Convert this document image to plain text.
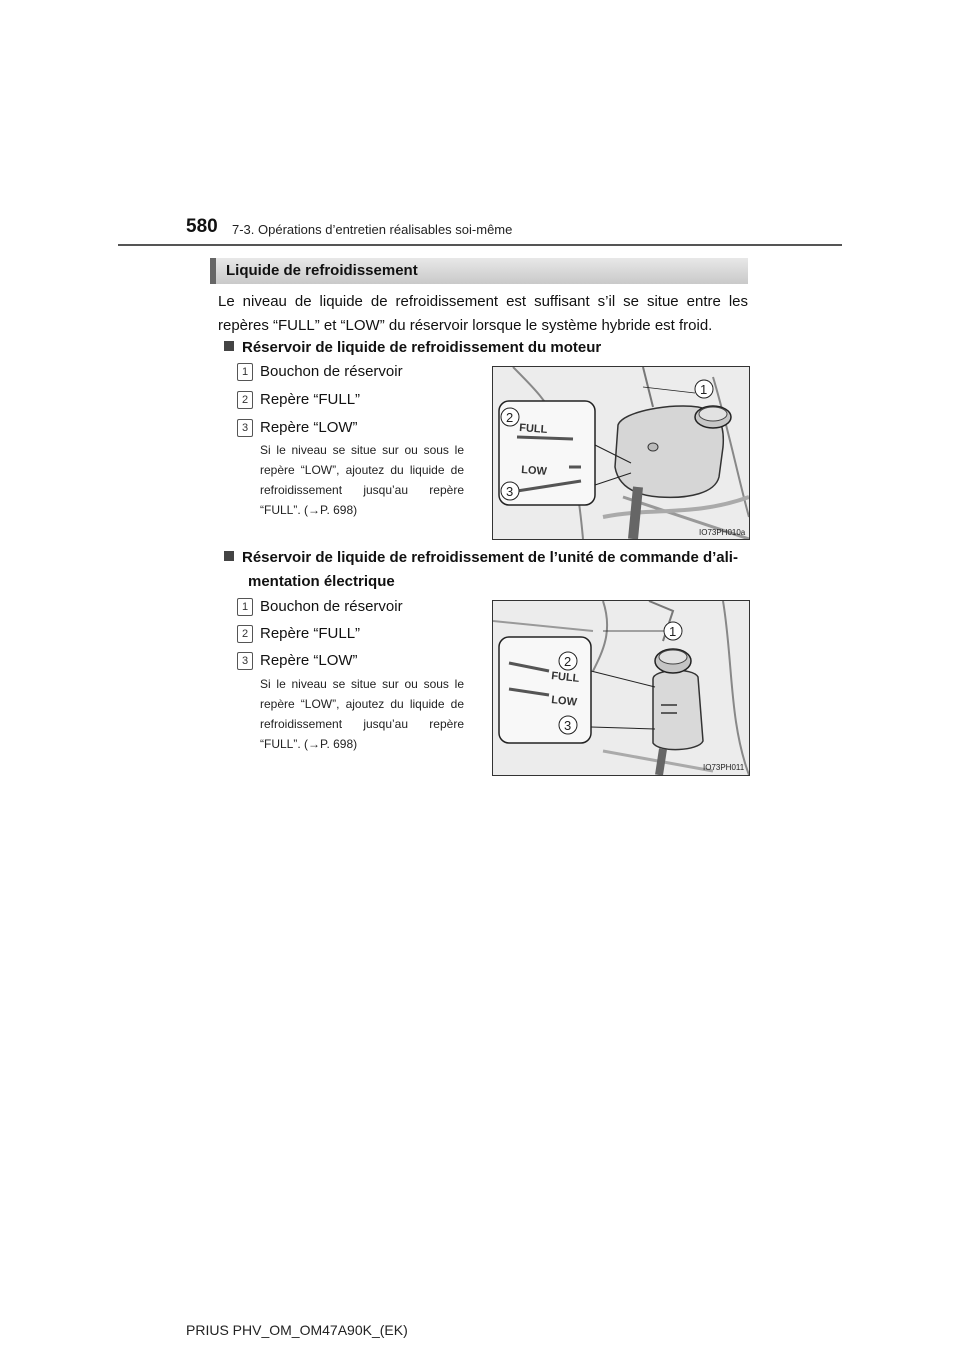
580 7-3. Opérations d’entretien réalisables soi-même
Liquide de refroidissement
Le niveau de liquide de refroidissement est suffisant s’il se situe entre les repères “FULL” et “LOW” du réservoir lorsque le système hybride est froid.
Réservoir de liquide de refroidissement du moteur
1 Bouchon de réservoir
2 Repère “FULL”
3 Repère “LOW”
Si le niveau se situe sur ou sous le repère “LOW”, ajoutez du liquide de refroidissement jusqu’au repère “FULL”. (→P. 698)
FULL
LOW
1
2
3
IO73PH010a
Réservoir de liquide de refroidissement de l’unité de commande d’ali-
mentation électrique
1 Bouchon de réservoir
2 Repère “FULL”
3 Repère “LOW”
Si le niveau se situe sur ou sous le repère “LOW”, ajoutez du liquide de refroidissement jusqu’au repère “FULL”. (→P. 698)
FULL
LOW
1
2
3
IO73PH011
PRIUS PHV_OM_OM47A90K_(EK)
